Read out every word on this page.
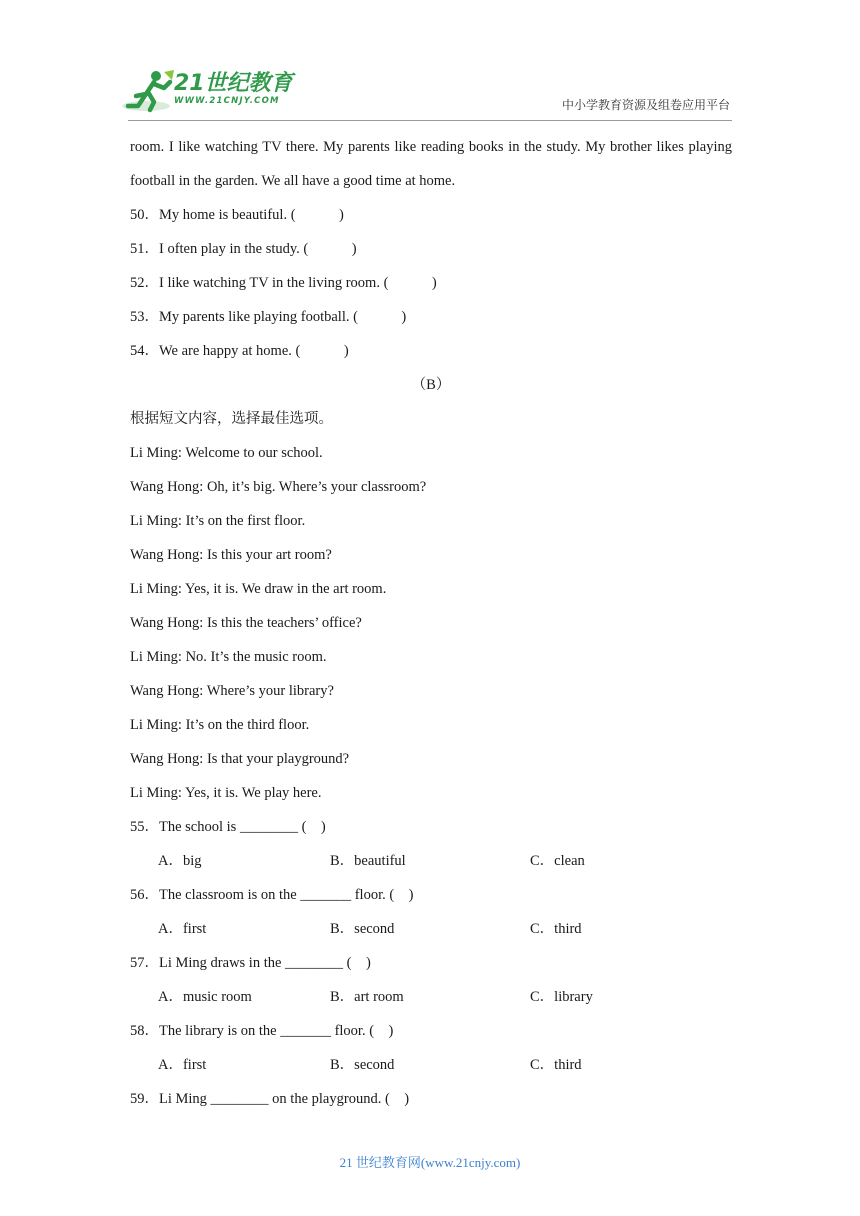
21世纪教育
WWW.21CNJY.COM	中小学教育资源及组卷应用平台

room. I like watching TV there. My parents like reading books in the study. My brother likes playing football in the garden. We all have a good time at home.

50．My home is beautiful. (　　　)
51．I often play in the study. (　　　)
52．I like watching TV in the living room. (　　　)
53．My parents like playing football. (　　　)
54．We are happy at home. (　　　)
（B）
根据短文内容，选择最佳选项。
Li Ming: Welcome to our school.
Wang Hong: Oh, it’s big. Where’s your classroom?
Li Ming: It’s on the first floor.
Wang Hong: Is this your art room?
Li Ming: Yes, it is. We draw in the art room.
Wang Hong: Is this the teachers’ office?
Li Ming: No. It’s the music room.
Wang Hong: Where’s your library?
Li Ming: It’s on the third floor.
Wang Hong: Is that your playground?
Li Ming: Yes, it is. We play here.
55．The school is ________ (　)
A．big	B．beautiful	C．clean
56．The classroom is on the _______ floor. (　)
A．first	B．second	C．third
57．Li Ming draws in the ________ (　)
A．music room	B．art room	C．library
58．The library is on the _______ floor. (　)
A．first	B．second	C．third
59．Li Ming ________ on the playground. (　)
21 世纪教育网(www.21cnjy.com)
